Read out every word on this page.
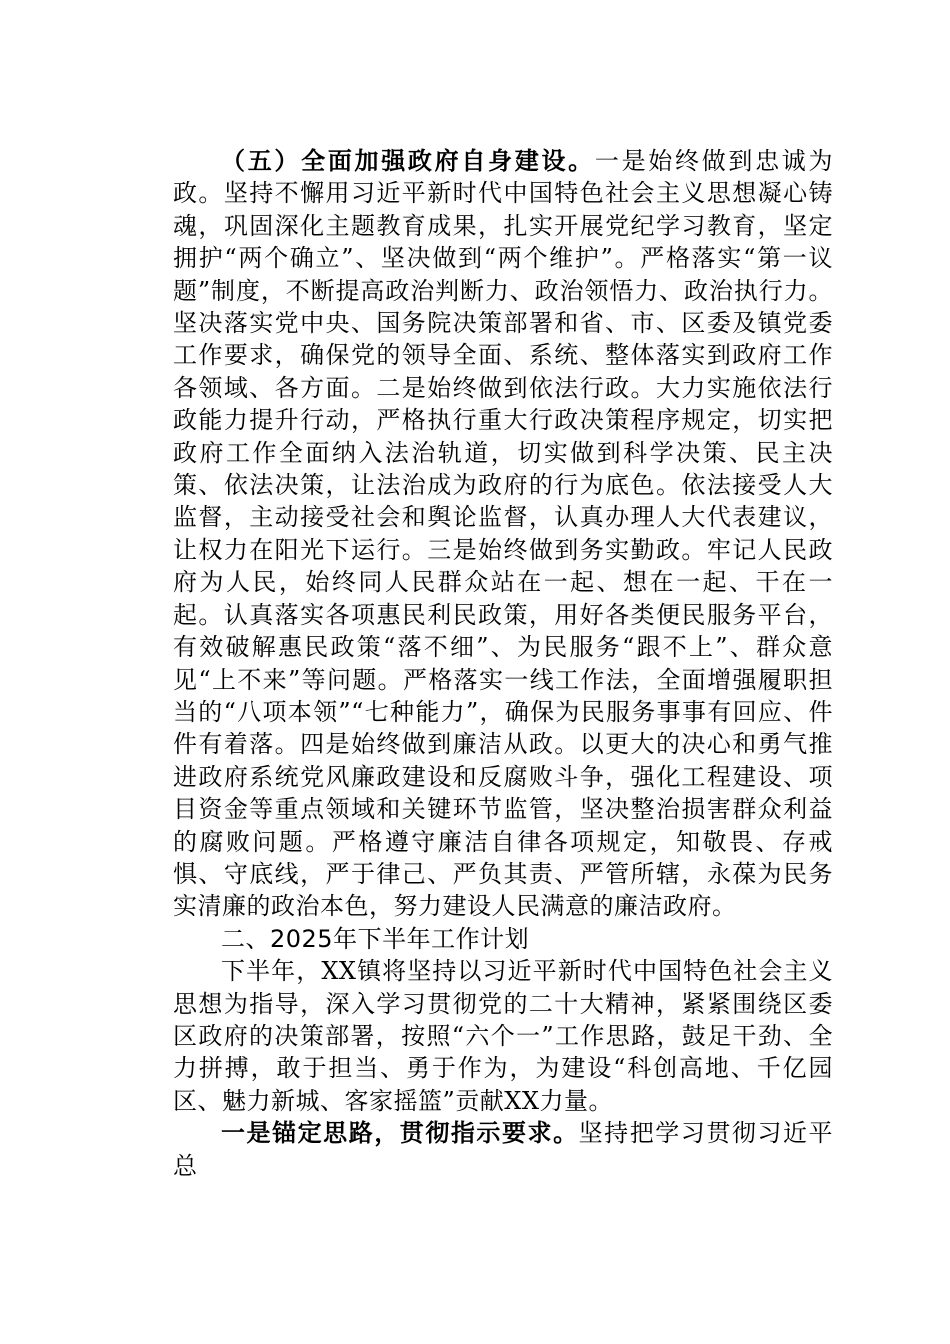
（五）全面加强政府自身建设。一是始终做到忠诚为政。坚持不懈用习近平新时代中国特色社会主义思想凝心铸魂，巩固深化主题教育成果，扎实开展党纪学习教育，坚定拥护“两个确立”、坚决做到“两个维护”。严格落实“第一议题”制度，不断提高政治判断力、政治领悟力、政治执行力。坚决落实党中央、国务院决策部署和省、市、区委及镇党委工作要求，确保党的领导全面、系统、整体落实到政府工作各领域、各方面。二是始终做到依法行政。大力实施依法行政能力提升行动，严格执行重大行政决策程序规定，切实把政府工作全面纳入法治轨道，切实做到科学决策、民主决策、依法决策，让法治成为政府的行为底色。依法接受人大监督，主动接受社会和舆论监督，认真办理人大代表建议，让权力在阳光下运行。三是始终做到务实勤政。牢记人民政府为人民，始终同人民群众站在一起、想在一起、干在一起。认真落实各项惠民利民政策，用好各类便民服务平台，有效破解惠民政策“落不细”、为民服务“跟不上”、群众意见“上不来”等问题。严格落实一线工作法，全面增强履职担当的“八项本领”“七种能力”，确保为民服务事事有回应、件件有着落。四是始终做到廉洁从政。以更大的决心和勇气推进政府系统党风廉政建设和反腐败斗争，强化工程建设、项目资金等重点领域和关键环节监管，坚决整治损害群众利益的腐败问题。严格遵守廉洁自律各项规定，知敬畏、存戒惧、守底线，严于律己、严负其责、严管所辖，永葆为民务实清廉的政治本色，努力建设人民满意的廉洁政府。

二、2025年下半年工作计划

下半年，XX镇将坚持以习近平新时代中国特色社会主义思想为指导，深入学习贯彻党的二十大精神，紧紧围绕区委区政府的决策部署，按照“六个一”工作思路，鼓足干劲、全力拼搏，敢于担当、勇于作为，为建设“科创高地、千亿园区、魅力新城、客家摇篮”贡献XX力量。

一是锚定思路，贯彻指示要求。坚持把学习贯彻习近平总
